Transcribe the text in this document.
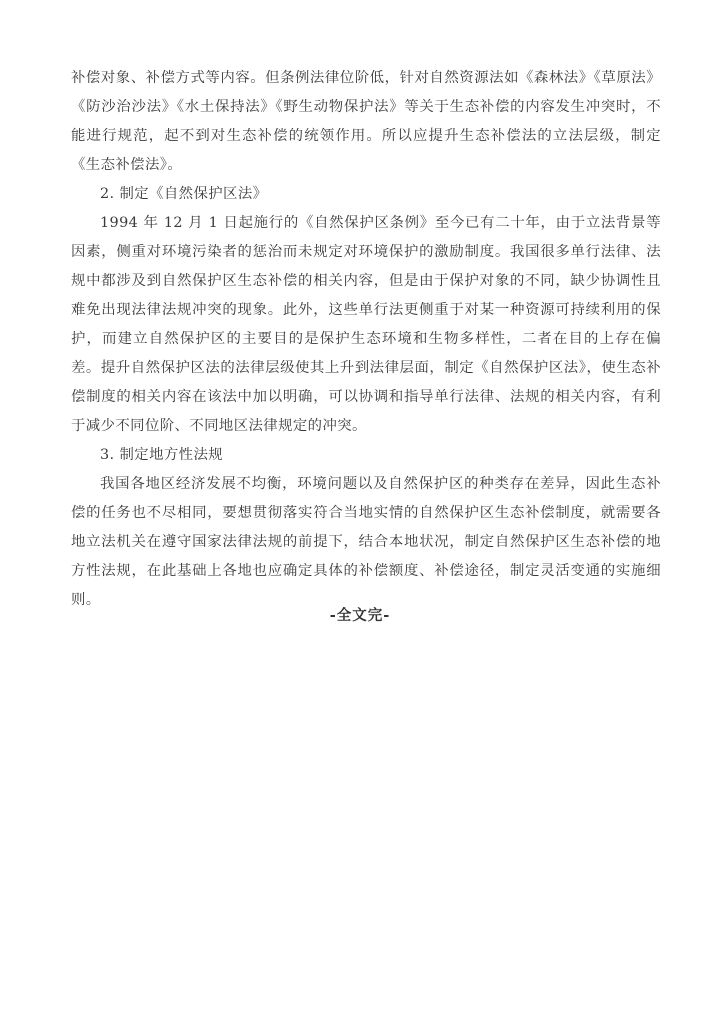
补偿对象、补偿方式等内容。但条例法律位阶低，针对自然资源法如《森林法》《草原法》《防沙治沙法》《水土保持法》《野生动物保护法》等关于生态补偿的内容发生冲突时，不能进行规范，起不到对生态补偿的统领作用。所以应提升生态补偿法的立法层级，制定《生态补偿法》。

2. 制定《自然保护区法》

1994 年 12 月 1 日起施行的《自然保护区条例》至今已有二十年，由于立法背景等因素，侧重对环境污染者的惩治而未规定对环境保护的激励制度。我国很多单行法律、法规中都涉及到自然保护区生态补偿的相关内容，但是由于保护对象的不同，缺少协调性且难免出现法律法规冲突的现象。此外，这些单行法更侧重于对某一种资源可持续利用的保护，而建立自然保护区的主要目的是保护生态环境和生物多样性，二者在目的上存在偏差。提升自然保护区法的法律层级使其上升到法律层面，制定《自然保护区法》，使生态补偿制度的相关内容在该法中加以明确，可以协调和指导单行法律、法规的相关内容，有利于减少不同位阶、不同地区法律规定的冲突。

3. 制定地方性法规

我国各地区经济发展不均衡，环境问题以及自然保护区的种类存在差异，因此生态补偿的任务也不尽相同，要想贯彻落实符合当地实情的自然保护区生态补偿制度，就需要各地立法机关在遵守国家法律法规的前提下，结合本地状况，制定自然保护区生态补偿的地方性法规，在此基础上各地也应确定具体的补偿额度、补偿途径，制定灵活变通的实施细则。

-全文完-
